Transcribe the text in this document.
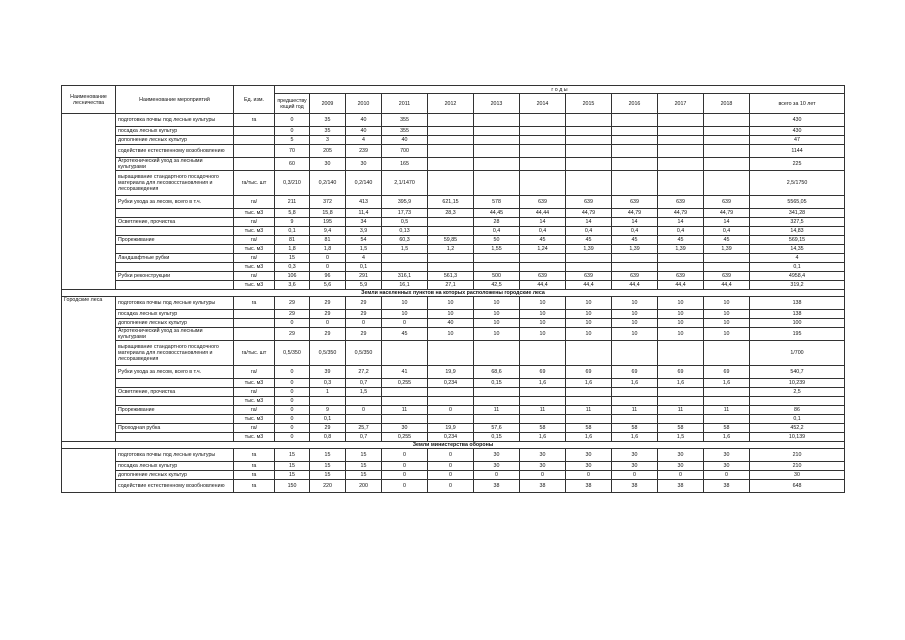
Наименование лесничества	Наименование мероприятий	Ед. изм.	г о д ы											
			предшеству ющий год	2009	2010	2011	2012	2013	2014	2015	2016	2017	2018	всего за 10 лет
	подготовка почвы под лесные культуры	га	0	35	40	355								430
	посадка лесных культур		0	35	40	355								430
	дополнение лесных культур		5	3	4	40								47
	содействие естественному возобновлению		70	205	239	700								1144
	Агротехнический уход за лесными культурами		60	30	30	165								225
	выращивание стандартного посадочного материала для лесовосстановления и лесоразведения	га/тыс. шт	0,3/210	0,2/140	0,2/140	2,1/1470								2,5/1750
	Рубки ухода за лесом, всего в т.ч.	га/	211	372	413	395,9	621,15	578	639	639	639	639	639	5565,05
		тыс. м3	5,8	15,8	11,4	17,73	28,3	44,45	44,44	44,79	44,79	44,79	44,79	341,28
	Осветление, прочистка	га/	9	195	34	0,5		28	14	14	14	14	14	327,5
		тыс. м3	0,1	9,4	3,9	0,13		0,4	0,4	0,4	0,4	0,4	0,4	14,83
	Прореживание	га/	81	81	54	60,3	59,85	50	45	45	45	45	45	569,15
		тыс. м3	1,8	1,8	1,5	1,5	1,2	1,55	1,24	1,39	1,39	1,39	1,39	14,35
	Ландшафтные рубки	га/	15	0	4									4
		тыс. м3	0,3	0	0,1									0,1
	Рубки реконструкции	га/	106	96	291	316,1	561,3	500	639	639	639	639	639	4958,4
		тыс. м3	3,6	5,6	5,9	16,1	27,1	42,5	44,4	44,4	44,4	44,4	44,4	319,2
Земли населенных пунктов на которых расположены городские леса														
Городские леса	подготовка почвы под лесные культуры	га	29	29	29	10	10	10	10	10	10	10	10	138
	посадка лесных культур		29	29	29	10	10	10	10	10	10	10	10	138
	дополнение лесных культур		0	0	0	0	40	10	10	10	10	10	10	100
	Агротехнический уход за лесными культурами		29	29	29	45	10	10	10	10	10	10	10	195
	выращивание стандартного посадочного материала для лесовосстановления и лесоразведения	га/тыс. шт	0,5/350	0,5/350	0,5/350									1/700
	Рубки ухода за лесом, всего в т.ч.	га/	0	39	27,2	41	19,9	68,6	69	69	69	69	69	540,7
		тыс. м3	0	0,3	0,7	0,255	0,234	0,15	1,6	1,6	1,6	1,6	1,6	10,239
	Осветление, прочистка	га/	0	1	1,5									2,5
		тыс. м3	0											
	Прореживание	га/	0	9	0	11	0	11	11	11	11	11	11	86
		тыс. м3	0	0,1										0,1
	Проходная рубка	га/	0	29	25,7	30	19,9	57,6	58	58	58	58	58	452,2
		тыс. м3	0	0,8	0,7	0,255	0,234	0,15	1,6	1,6	1,6	1,5	1,6	10,139
Земли министерства обороны														
	подготовка почвы под лесные культуры	га	15	15	15	0	0	30	30	30	30	30	30	210
	посадка лесных культур	га	15	15	15	0	0	30	30	30	30	30	30	210
	дополнение лесных культур	га	15	15	15	0	0	0	0	0	0	0	0	30
	содействие естественному возобновлению	га	150	220	200	0	0	38	38	38	38	38	38	648
